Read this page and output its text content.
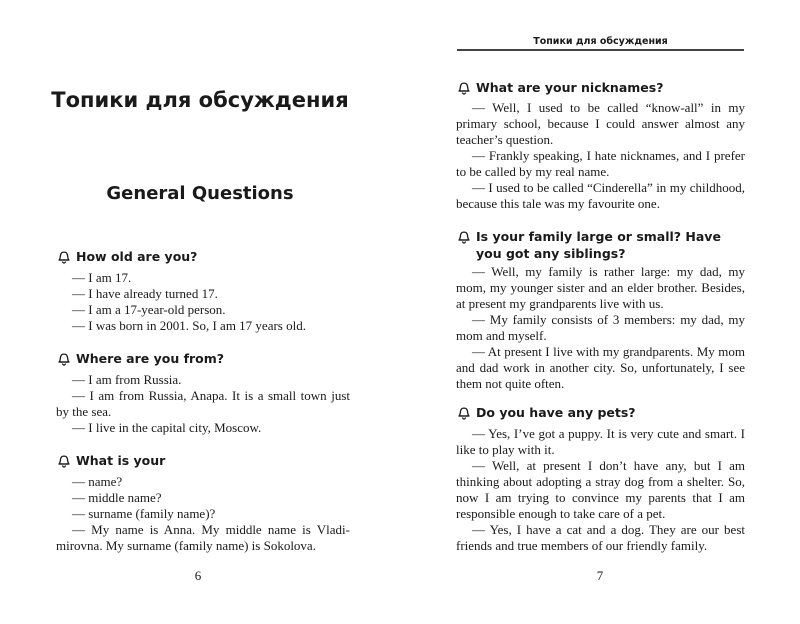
Топики для обсуждения
General Questions
How old are you?

— I am 17.

— I have already turned 17.

— I am a 17-year-old person.

— I was born in 2001. So, I am 17 years old.

Where are you from?

— I am from Russia.

— I am from Russia, Anapa. It is a small town just by the sea.

— I live in the capital city, Moscow.

What is your

— name?

— middle name?

— surname (family name)?

— My name is Anna. My middle name is Vladimirovna. My surname (family name) is Sokolova.

6
Топики для обсуждения
What are your nicknames?

— Well, I used to be called “know-all” in my primary school, because I could answer almost any teacher’s question.

— Frankly speaking, I hate nicknames, and I prefer to be called by my real name.

— I used to be called “Cinderella” in my childhood, because this tale was my favourite one.

Is your family large or small? Have you got any siblings?

— Well, my family is rather large: my dad, my mom, my younger sister and an elder brother. Besides, at present my grandparents live with us.

— My family consists of 3 members: my dad, my mom and myself.

— At present I live with my grandparents. My mom and dad work in another city. So, unfortunately, I see them not quite often.

Do you have any pets?

— Yes, I’ve got a puppy. It is very cute and smart. I like to play with it.

— Well, at present I don’t have any, but I am thinking about adopting a stray dog from a shelter. So, now I am trying to convince my parents that I am responsible enough to take care of a pet.

— Yes, I have a cat and a dog. They are our best friends and true members of our friendly family.

7
